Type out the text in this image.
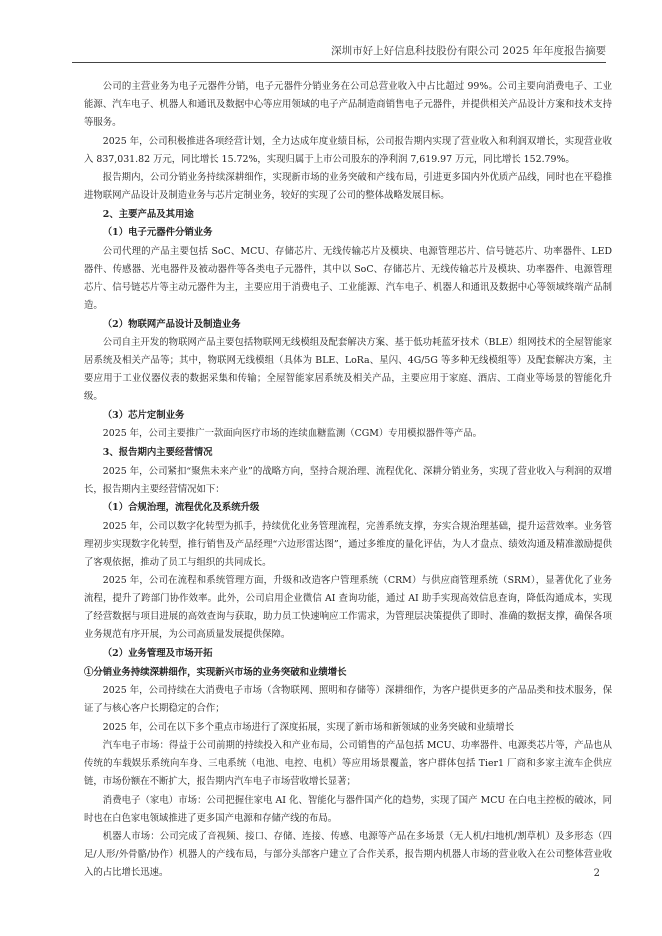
深圳市好上好信息科技股份有限公司 2025 年年度报告摘要

公司的主营业务为电子元器件分销，电子元器件分销业务在公司总营业收入中占比超过 99%。公司主要向消费电子、工业能源、汽车电子、机器人和通讯及数据中心等应用领域的电子产品制造商销售电子元器件，并提供相关产品设计方案和技术支持等服务。

2025 年，公司积极推进各项经营计划，全力达成年度业绩目标，公司报告期内实现了营业收入和利润双增长，实现营业收入 837,031.82 万元，同比增长 15.72%，实现归属于上市公司股东的净利润 7,619.97 万元，同比增长 152.79%。

报告期内，公司分销业务持续深耕细作，实现新市场的业务突破和产线布局，引进更多国内外优质产品线，同时也在平稳推进物联网产品设计及制造业务与芯片定制业务，较好的实现了公司的整体战略发展目标。

2、主要产品及其用途

（1）电子元器件分销业务

公司代理的产品主要包括 SoC、MCU、存储芯片、无线传输芯片及模块、电源管理芯片、信号链芯片、功率器件、LED 器件、传感器、光电器件及被动器件等各类电子元器件，其中以 SoC、存储芯片、无线传输芯片及模块、功率器件、电源管理芯片、信号链芯片等主动元器件为主，主要应用于消费电子、工业能源、汽车电子、机器人和通讯及数据中心等领域终端产品制造。

（2）物联网产品设计及制造业务

公司自主开发的物联网产品主要包括物联网无线模组及配套解决方案、基于低功耗蓝牙技术（BLE）组网技术的全屋智能家居系统及相关产品等；其中，物联网无线模组（具体为 BLE、LoRa、星闪、4G/5G 等多种无线模组等）及配套解决方案，主要应用于工业仪器仪表的数据采集和传输；全屋智能家居系统及相关产品，主要应用于家庭、酒店、工商业等场景的智能化升级。

（3）芯片定制业务

2025 年，公司主要推广一款面向医疗市场的连续血糖监测（CGM）专用模拟器件等产品。

3、报告期内主要经营情况

2025 年，公司紧扣“聚焦未来产业”的战略方向，坚持合规治理、流程优化、深耕分销业务，实现了营业收入与利润的双增长，报告期内主要经营情况如下：

（1）合规治理，流程优化及系统升级

2025 年，公司以数字化转型为抓手，持续优化业务管理流程，完善系统支撑，夯实合规治理基础，提升运营效率。业务管理初步实现数字化转型，推行销售及产品经理“六边形雷达图”，通过多维度的量化评估，为人才盘点、绩效沟通及精准激励提供了客观依据，推动了员工与组织的共同成长。

2025 年，公司在流程和系统管理方面，升级和改造客户管理系统（CRM）与供应商管理系统（SRM），显著优化了业务流程，提升了跨部门协作效率。此外，公司启用企业微信 AI 查询功能，通过 AI 助手实现高效信息查询，降低沟通成本，实现了经营数据与项目进展的高效查询与获取，助力员工快速响应工作需求，为管理层决策提供了即时、准确的数据支撑，确保各项业务规范有序开展，为公司高质量发展提供保障。

（2）业务管理及市场开拓

①分销业务持续深耕细作，实现新兴市场的业务突破和业绩增长

2025 年，公司持续在大消费电子市场（含物联网、照明和存储等）深耕细作，为客户提供更多的产品品类和技术服务，保证了与核心客户长期稳定的合作；

2025 年，公司在以下多个重点市场进行了深度拓展，实现了新市场和新领域的业务突破和业绩增长

汽车电子市场：得益于公司前期的持续投入和产业布局，公司销售的产品包括 MCU、功率器件、电源类芯片等，产品也从传统的车载娱乐系统向车身、三电系统（电池、电控、电机）等应用场景覆盖，客户群体包括 Tier1 厂商和多家主流车企供应链，市场份额在不断扩大，报告期内汽车电子市场营收增长显著；

消费电子（家电）市场：公司把握住家电 AI 化、智能化与器件国产化的趋势，实现了国产 MCU 在白电主控板的破冰，同时也在白色家电领域推进了更多国产电源和存储产线的布局。

机器人市场：公司完成了音视频、接口、存储、连接、传感、电源等产品在多场景（无人机/扫地机/割草机）及多形态（四足/人形/外骨骼/协作）机器人的产线布局，与部分头部客户建立了合作关系，报告期内机器人市场的营业收入在公司整体营业收入的占比增长迅速。	2
